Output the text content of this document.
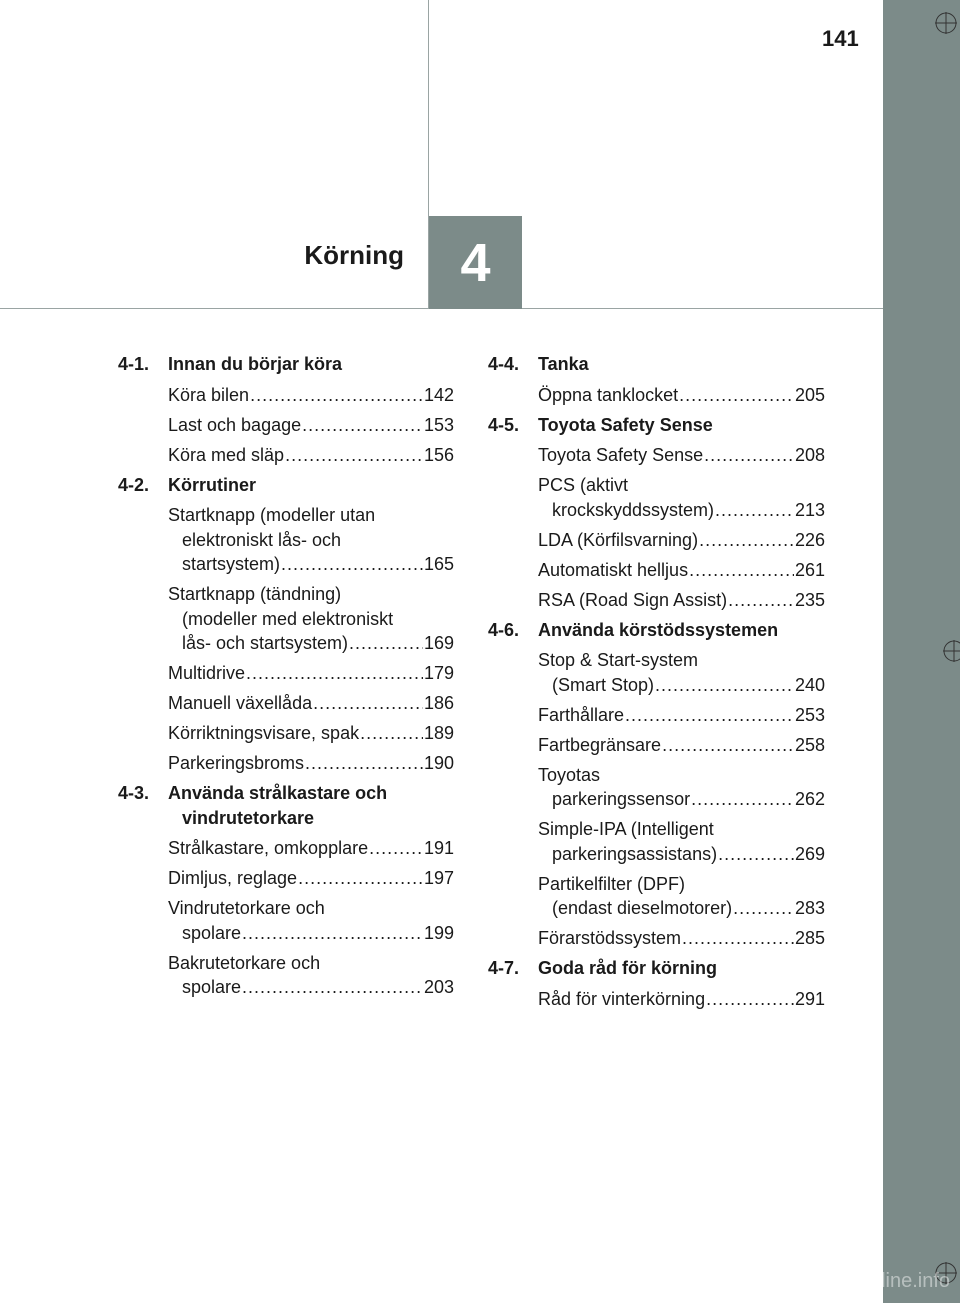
141
Körning 4
4-1.	Innan du börjar köra
Köra bilen .....	142
Last och bagage .....	153
Köra med släp .....	156
4-2.	Körrutiner
Startknapp (modeller utan
elektroniskt lås- och
startsystem) .....	165
Startknapp (tändning)
(modeller med elektroniskt
lås- och startsystem) .....	169
Multidrive .....	179
Manuell växellåda .....	186
Körriktningsvisare, spak .....	189
Parkeringsbroms .....	190
4-3.	Använda strålkastare och
vindrutetorkare
Strålkastare, omkopplare .....	191
Dimljus, reglage .....	197
Vindrutetorkare och
spolare .....	199
Bakrutetorkare och
spolare .....	203
4-4.	Tanka
Öppna tanklocket .....	205
4-5.	Toyota Safety Sense
Toyota Safety Sense .....	208
PCS (aktivt
krockskyddssystem) .....	213
LDA (Körfilsvarning) .....	226
Automatiskt helljus .....	261
RSA (Road Sign Assist) .....	235
4-6.	Använda körstödssystemen
Stop & Start-system
(Smart Stop) .....	240
Farthållare .....	253
Fartbegränsare .....	258
Toyotas
parkeringssensor .....	262
Simple-IPA (Intelligent
parkeringsassistans) .....	269
Partikelfilter (DPF)
(endast dieselmotorer) .....	283
Förarstödssystem .....	285
4-7.	Goda råd för körning
Råd för vinterkörning .....	291
carmanualsonline.info
